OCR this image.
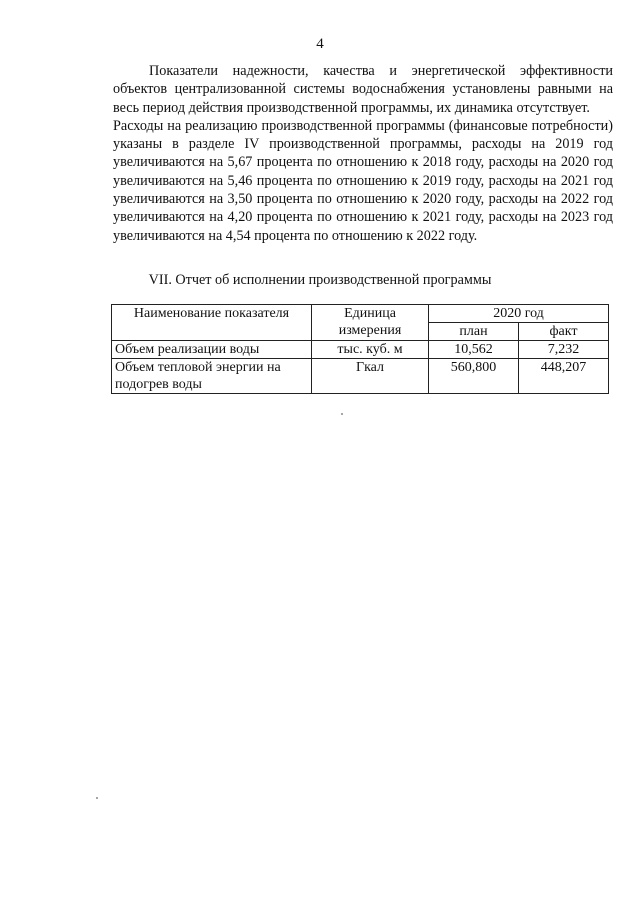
4

Показатели надежности, качества и энергетической эффективности объектов централизованной системы водоснабжения установлены равными на весь период действия производственной программы, их динамика отсутствует.

Расходы на реализацию производственной программы (финансовые потребности) указаны в разделе IV производственной программы, расходы на 2019 год увеличиваются на 5,67 процента по отношению к 2018 году, расходы на 2020 год увеличиваются на 5,46 процента по отношению к 2019 году, расходы на 2021 год увеличиваются на 3,50 процента по отношению к 2020 году, расходы на 2022 год увеличиваются на 4,20 процента по отношению к 2021 году, расходы на 2023 год увеличиваются на 4,54 процента по отношению к 2022 году.

VII. Отчет об исполнении производственной программы
Наименование показателя	Единица измерения	2020 год	
		план	факт
Объем реализации воды	тыс. куб. м	10,562	7,232
Объем тепловой энергии на подогрев воды	Гкал	560,800	448,207
